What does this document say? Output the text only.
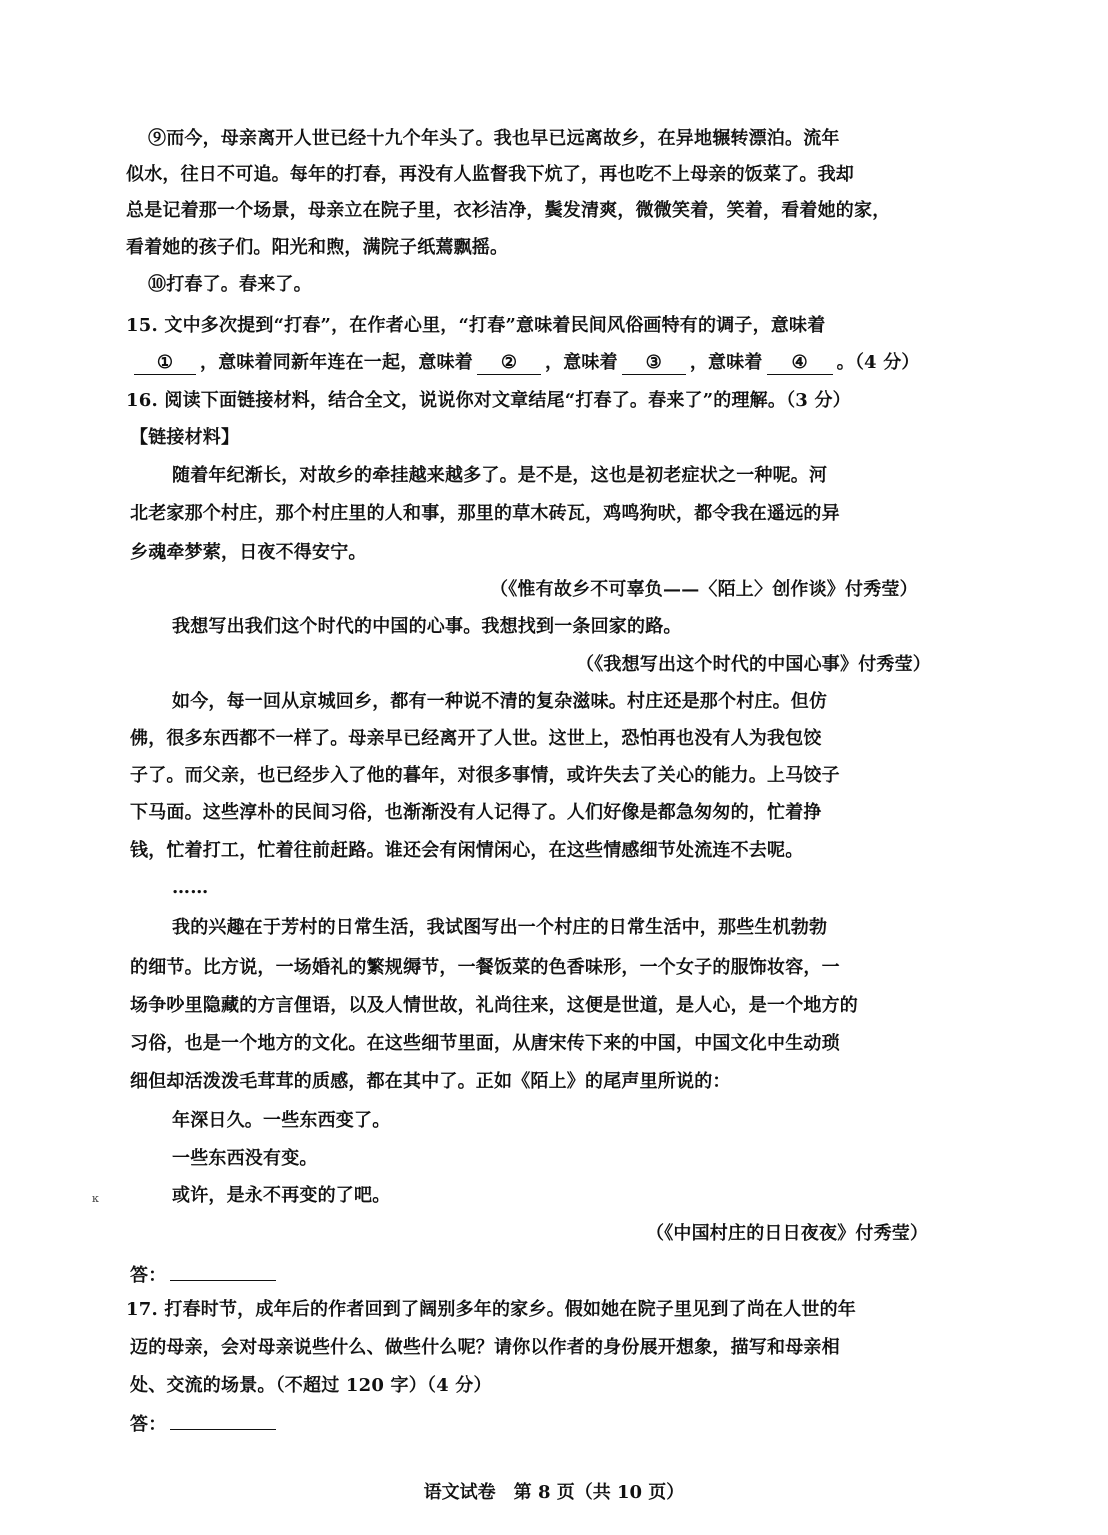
⑨而今，母亲离开人世已经十九个年头了。我也早已远离故乡，在异地辗转漂泊。流年
似水，往日不可追。每年的打春，再没有人监督我下炕了，再也吃不上母亲的饭菜了。我却
总是记着那一个场景，母亲立在院子里，衣衫洁净，鬓发清爽，微微笑着，笑着，看着她的家，
看着她的孩子们。阳光和煦，满院子纸蔫飘摇。
⑩打春了。春来了。
15. 文中多次提到“打春”，在作者心里，“打春”意味着民间风俗画特有的调子，意味着
① ，意味着同新年连在一起，意味着 ② ，意味着 ③ ，意味着 ④ 。（4 分）
16. 阅读下面链接材料，结合全文，说说你对文章结尾“打春了。春来了”的理解。（3 分）
【链接材料】
随着年纪渐长，对故乡的牵挂越来越多了。是不是，这也是初老症状之一种呢。河
北老家那个村庄，那个村庄里的人和事，那里的草木砖瓦，鸡鸣狗吠，都令我在遥远的异
乡魂牵梦萦，日夜不得安宁。
（《惟有故乡不可辜负——〈陌上〉创作谈》付秀莹）
我想写出我们这个时代的中国的心事。我想找到一条回家的路。
（《我想写出这个时代的中国心事》付秀莹）
如今，每一回从京城回乡，都有一种说不清的复杂滋味。村庄还是那个村庄。但仿
佛，很多东西都不一样了。母亲早已经离开了人世。这世上，恐怕再也没有人为我包饺
子了。而父亲，也已经步入了他的暮年，对很多事情，或许失去了关心的能力。上马饺子
下马面。这些淳朴的民间习俗，也渐渐没有人记得了。人们好像是都急匆匆的，忙着挣
钱，忙着打工，忙着往前赶路。谁还会有闲情闲心，在这些情感细节处流连不去呢。
……
我的兴趣在于芳村的日常生活，我试图写出一个村庄的日常生活中，那些生机勃勃
的细节。比方说，一场婚礼的繁规缛节，一餐饭菜的色香味形，一个女子的服饰妆容，一
场争吵里隐藏的方言俚语，以及人情世故，礼尚往来，这便是世道，是人心，是一个地方的
习俗，也是一个地方的文化。在这些细节里面，从唐宋传下来的中国，中国文化中生动琐
细但却活泼泼毛茸茸的质感，都在其中了。正如《陌上》的尾声里所说的：
年深日久。一些东西变了。
一些东西没有变。
或许，是永不再变的了吧。
（《中国村庄的日日夜夜》付秀莹）
答：
17. 打春时节，成年后的作者回到了阔别多年的家乡。假如她在院子里见到了尚在人世的年
迈的母亲，会对母亲说些什么、做些什么呢？请你以作者的身份展开想象，描写和母亲相
处、交流的场景。（不超过 120 字）（4 分）
答：
ĸ
语文试卷　第 8 页（共 10 页）
